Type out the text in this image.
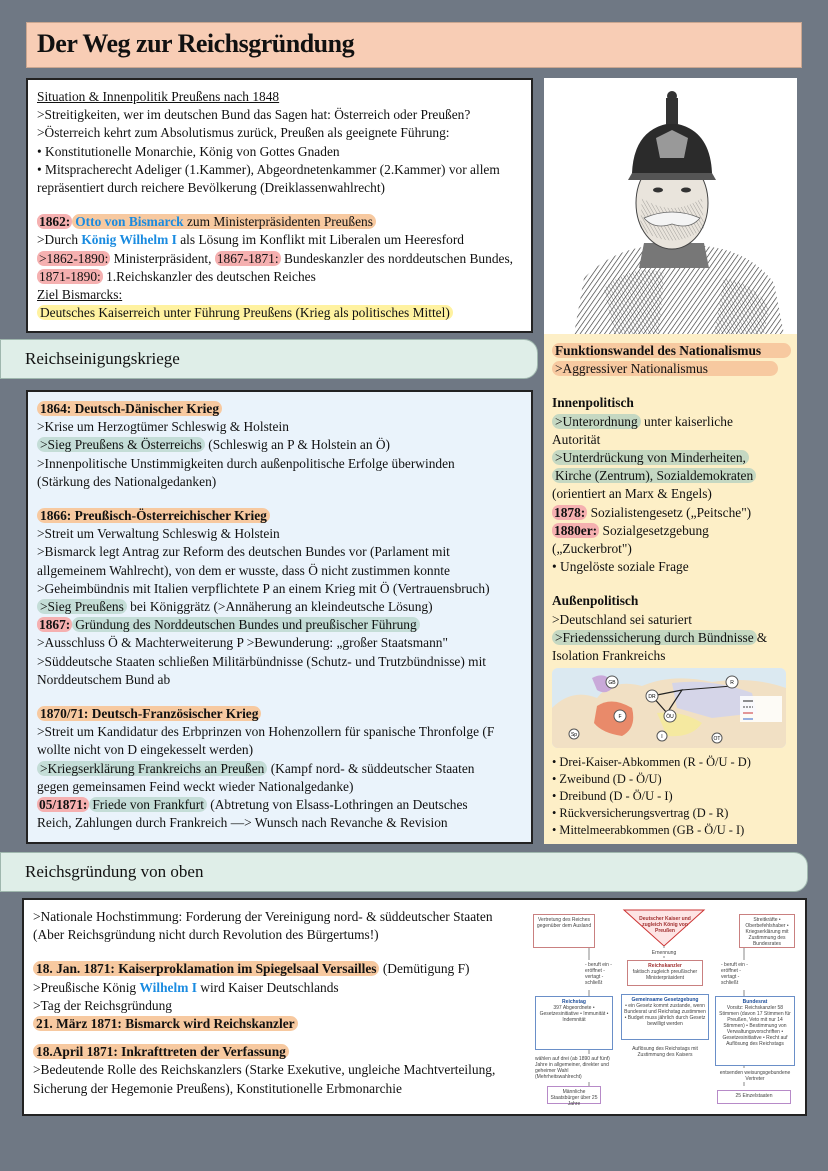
Der Weg zur Reichsgründung
Situation & Innenpolitik Preußens nach 1848
>Streitigkeiten, wer im deutschen Bund das Sagen hat: Österreich oder Preußen?
>Österreich kehrt zum Absolutismus zurück, Preußen als geeignete Führung:
• Konstitutionelle Monarchie, König von Gottes Gnaden
• Mitspracherecht Adeliger (1.Kammer), Abgeordnetenkammer (2.Kammer) vor allem
repräsentiert durch reichere Bevölkerung (Dreiklassenwahlrecht)
1862: Otto von Bismarck zum Ministerpräsidenten Preußens
>Durch König Wilhelm I als Lösung im Konflikt mit Liberalen um Heeresford
>1862-1890: Ministerpräsident, 1867-1871: Bundeskanzler des norddeutschen Bundes,
1871-1890: 1.Reichskanzler des deutschen Reiches
Ziel Bismarcks:
Deutsches Kaiserreich unter Führung Preußens (Krieg als politisches Mittel)
Reichseinigungskriege
1864: Deutsch-Dänischer Krieg
>Krise um Herzogtümer Schleswig & Holstein
>Sieg Preußens & Österreichs (Schleswig an P & Holstein an Ö)
>Innenpolitische Unstimmigkeiten durch außenpolitische Erfolge überwinden
(Stärkung des Nationalgedanken)
1866: Preußisch-Österreichischer Krieg
>Streit um Verwaltung Schleswig & Holstein
>Bismarck legt Antrag zur Reform des deutschen Bundes vor (Parlament mit
allgemeinem Wahlrecht), von dem er wusste, dass Ö nicht zustimmen konnte
>Geheimbündnis mit Italien verpflichtete P an einem Krieg mit Ö (Vertrauensbruch)
>Sieg Preußens bei Königgrätz (>Annäherung an kleindeutsche Lösung)
1867: Gründung des Norddeutschen Bundes und preußischer Führung
>Ausschluss Ö & Machterweiterung P >Bewunderung: „großer Staatsmann"
>Süddeutsche Staaten schließen Militärbündnisse (Schutz- und Trutzbündnisse) mit
Norddeutschem Bund ab
1870/71: Deutsch-Französischer Krieg
>Streit um Kandidatur des Erbprinzen von Hohenzollern für spanische Thronfolge (F
wollte nicht von D eingekesselt werden)
>Kriegserklärung Frankreichs an Preußen (Kampf nord- & süddeutscher Staaten
gegen gemeinsamen Feind weckt wieder Nationalgedanke)
05/1871: Friede von Frankfurt (Abtretung von Elsass-Lothringen an Deutsches
Reich, Zahlungen durch Frankreich —> Wunsch nach Revanche & Revision
Funktionswandel des Nationalismus
>Aggressiver Nationalismus
Innenpolitisch
>Unterordnung unter kaiserliche
Autorität
>Unterdrückung von Minderheiten,
Kirche (Zentrum), Sozialdemokraten
(orientiert an Marx & Engels)
1878: Sozialistengesetz („Peitsche")
1880er: Sozialgesetzgebung
(„Zuckerbrot")
• Ungelöste soziale Frage
Außenpolitisch
>Deutschland sei saturiert
>Friedenssicherung durch Bündnisse &
Isolation Frankreichs
GB	R
DR
F	ÖU
I
Sp
OT
• Drei-Kaiser-Abkommen (R - Ö/U - D)
• Zweibund (D - Ö/U)
• Dreibund (D - Ö/U - I)
• Rückversicherungsvertrag (D - R)
• Mittelmeerabkommen (GB - Ö/U - I)
Reichsgründung von oben
>Nationale Hochstimmung: Forderung der Vereinigung nord- & süddeutscher Staaten
(Aber Reichsgründung nicht durch Revolution des Bürgertums!)
18. Jan. 1871: Kaiserproklamation im Spiegelsaal Versailles (Demütigung F)
>Preußische König Wilhelm I wird Kaiser Deutschlands
>Tag der Reichsgründung
21. März 1871: Bismarck wird Reichskanzler
18.April 1871: Inkrafttreten der Verfassung
>Bedeutende Rolle des Reichskanzlers (Starke Exekutive, ungleiche Machtverteilung,
Sicherung der Hegemonie Preußens), Konstitutionelle Erbmonarchie
Deutscher Kaiser und zugleich König von Preußen
Vertretung des Reiches gegenüber dem Ausland
Streitkräfte • Oberbefehlshaber • Kriegserklärung mit Zustimmung des Bundesrates
Ernennung
Reichskanzler
faktisch zugleich preußischer Ministerpräsident
- beruft ein - eröffnet - vertagt - schließt
- beruft ein - eröffnet - vertagt - schließt
Reichstag
397 Abgeordnete • Gesetzesinitiative • Immunität • Indemnität
Gemeinsame Gesetzgebung
• ein Gesetz kommt zustande, wenn Bundesrat und Reichstag zustimmen • Budget muss jährlich durch Gesetz bewilligt werden
Bundesrat
Vorsitz: Reichskanzler 58 Stimmen (davon 17 Stimmen für Preußen, Veto mit nur 14 Stimmen) • Bestimmung von Verwaltungsvorschriften • Gesetzesinitiative • Recht auf Auflösung des Reichstags
Auflösung des Reichstags mit Zustimmung des Kaisers
wählen auf drei (ab 1890 auf fünf) Jahre in allgemeiner, direkter und geheimer Wahl (Mehrheitswahlrecht)
entsenden weisungsgebundene Vertreter
Männliche Staatsbürger über 25 Jahre
25 Einzelstaaten
